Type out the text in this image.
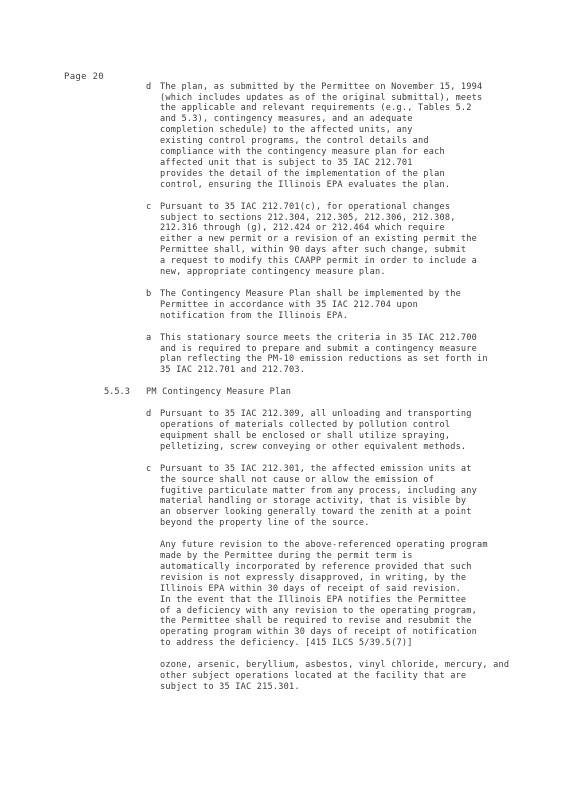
subject to 35 IAC 215.301.
other subject operations located at the facility that are
ozone, arsenic, beryllium, asbestos, vinyl chloride, mercury, and
to address the deficiency. [415 ILCS 5/39.5(7)]
operating program within 30 days of receipt of notification
the Permittee shall be required to revise and resubmit the
of a deficiency with any revision to the operating program,
In the event that the Illinois EPA notifies the Permittee
Illinois EPA within 30 days of receipt of said revision.
revision is not expressly disapproved, in writing, by the
automatically incorporated by reference provided that such
made by the Permittee during the permit term is
Any future revision to the above-referenced operating program
beyond the property line of the source.
an observer looking generally toward the zenith at a point
material handling or storage activity, that is visible by
fugitive particulate matter from any process, including any
the source shall not cause or allow the emission of
Pursuant to 35 IAC 212.301, the affected emission units at
c
pelletizing, screw conveying or other equivalent methods.
equipment shall be enclosed or shall utilize spraying,
operations of materials collected by pollution control
Pursuant to 35 IAC 212.309, all unloading and transporting
d
5.5.3 PM Contingency Measure Plan
35 IAC 212.701 and 212.703.
plan reflecting the PM-10 emission reductions as set forth in
and is required to prepare and submit a contingency measure
This stationary source meets the criteria in 35 IAC 212.700
a
notification from the Illinois EPA.
Permittee in accordance with 35 IAC 212.704 upon
The Contingency Measure Plan shall be implemented by the
b
new, appropriate contingency measure plan.
a request to modify this CAAPP permit in order to include a
Permittee shall, within 90 days after such change, submit
either a new permit or a revision of an existing permit the
212.316 through (g), 212.424 or 212.464 which require
subject to sections 212.304, 212.305, 212.306, 212.308,
Pursuant to 35 IAC 212.701(c), for operational changes
c
control, ensuring the Illinois EPA evaluates the plan.
provides the detail of the implementation of the plan
affected unit that is subject to 35 IAC 212.701
compliance with the contingency measure plan for each
existing control programs, the control details and
completion schedule) to the affected units, any
and 5.3), contingency measures, and an adequate
the applicable and relevant requirements (e.g., Tables 5.2
(which includes updates as of the original submittal), meets
The plan, as submitted by the Permittee on November 15, 1994
d
Page 20
